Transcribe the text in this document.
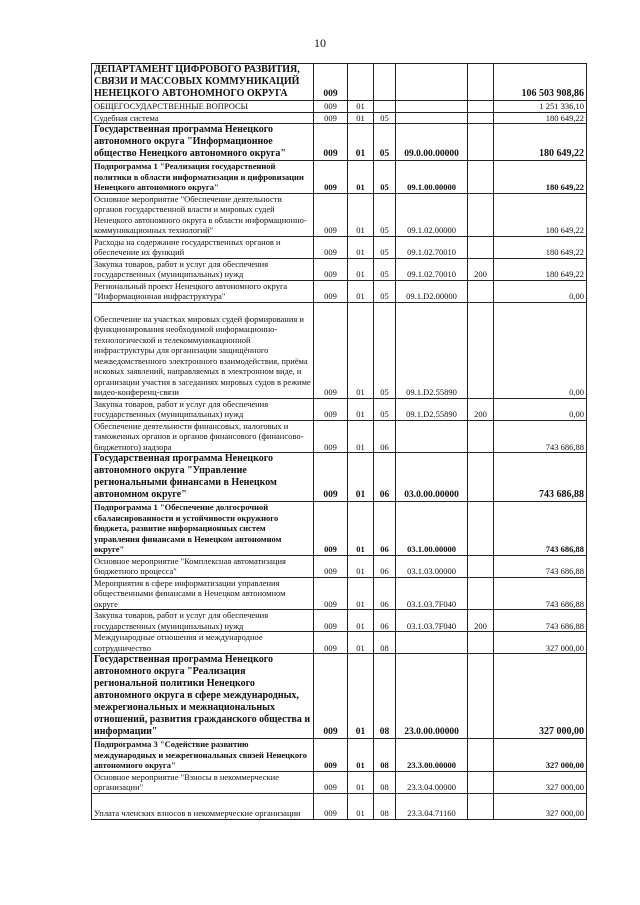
10
ДЕПАРТАМЕНТ ЦИФРОВОГО РАЗВИТИЯ, СВЯЗИ И МАССОВЫХ КОММУНИКАЦИЙ НЕНЕЦКОГО АВТОНОМНОГО ОКРУГА	009					106 503 908,86
ОБЩЕГОСУДАРСТВЕННЫЕ ВОПРОСЫ	009	01				1 251 336,10
Судебная система	009	01	05			180 649,22
Государственная программа Ненецкого автономного округа "Информационное общество Ненецкого автономного округа"	009	01	05	09.0.00.00000		180 649,22
Подпрограмма 1 "Реализация государственной политики в области информатизации и цифровизации Ненецкого автономного округа"	009	01	05	09.1.00.00000		180 649,22
Основное мероприятие "Обеспечение деятельности органов государственной власти и мировых судей Ненецкого автономного округа в области информационно-коммуникационных технологий"	009	01	05	09.1.02.00000		180 649,22
Расходы на содержание государственных органов и обеспечение их функций	009	01	05	09.1.02.70010		180 649,22
Закупка товаров, работ и услуг для обеспечения государственных (муниципальных) нужд	009	01	05	09.1.02.70010	200	180 649,22
Региональный проект Ненецкого автономного округа "Информационная инфраструктура"	009	01	05	09.1.D2.00000		0,00
Обеспечение на участках мировых судей формирования и функционирования необходимой информационно-технологической и телекоммуникационной инфраструктуры для организации защищённого межведомственного электронного взаимодействия, приёма исковых заявлений, направляемых в электронном виде, и организации участия в заседаниях мировых судов в режиме видео-конференц-связи	009	01	05	09.1.D2.55890		0,00
Закупка товаров, работ и услуг для обеспечения государственных (муниципальных) нужд	009	01	05	09.1.D2.55890	200	0,00
Обеспечение деятельности финансовых, налоговых и таможенных органов и органов финансового (финансово-бюджетного) надзора	009	01	06			743 686,88
Государственная программа Ненецкого автономного округа "Управление региональными финансами в Ненецком автономном округе"	009	01	06	03.0.00.00000		743 686,88
Подпрограмма 1 "Обеспечение долгосрочной сбалансированности и устойчивости окружного бюджета, развитие информационных систем управления финансами в Ненецком автономном округе"	009	01	06	03.1.00.00000		743 686,88
Основное мероприятие "Комплексная автоматизация бюджетного процесса"	009	01	06	03.1.03.00000		743 686,88
Мероприятия в сфере информатизации управления общественными финансами в Ненецком автономном округе	009	01	06	03.1.03.7F040		743 686,88
Закупка товаров, работ и услуг для обеспечения государственных (муниципальных) нужд	009	01	06	03.1.03.7F040	200	743 686,88
Международные отношения и международное сотрудничество	009	01	08			327 000,00
Государственная программа Ненецкого автономного округа "Реализация региональной политики Ненецкого автономного округа в сфере международных, межрегиональных и межнациональных отношений, развития гражданского общества и информации"	009	01	08	23.0.00.00000		327 000,00
Подпрограмма 3 "Содействие развитию международных и межрегиональных связей Ненецкого автономного округа"	009	01	08	23.3.00.00000		327 000,00
Основное мероприятие "Взносы в некоммерческие организации"	009	01	08	23.3.04.00000		327 000,00
Уплата членских взносов в некоммерческие организации	009	01	08	23.3.04.71160		327 000,00
